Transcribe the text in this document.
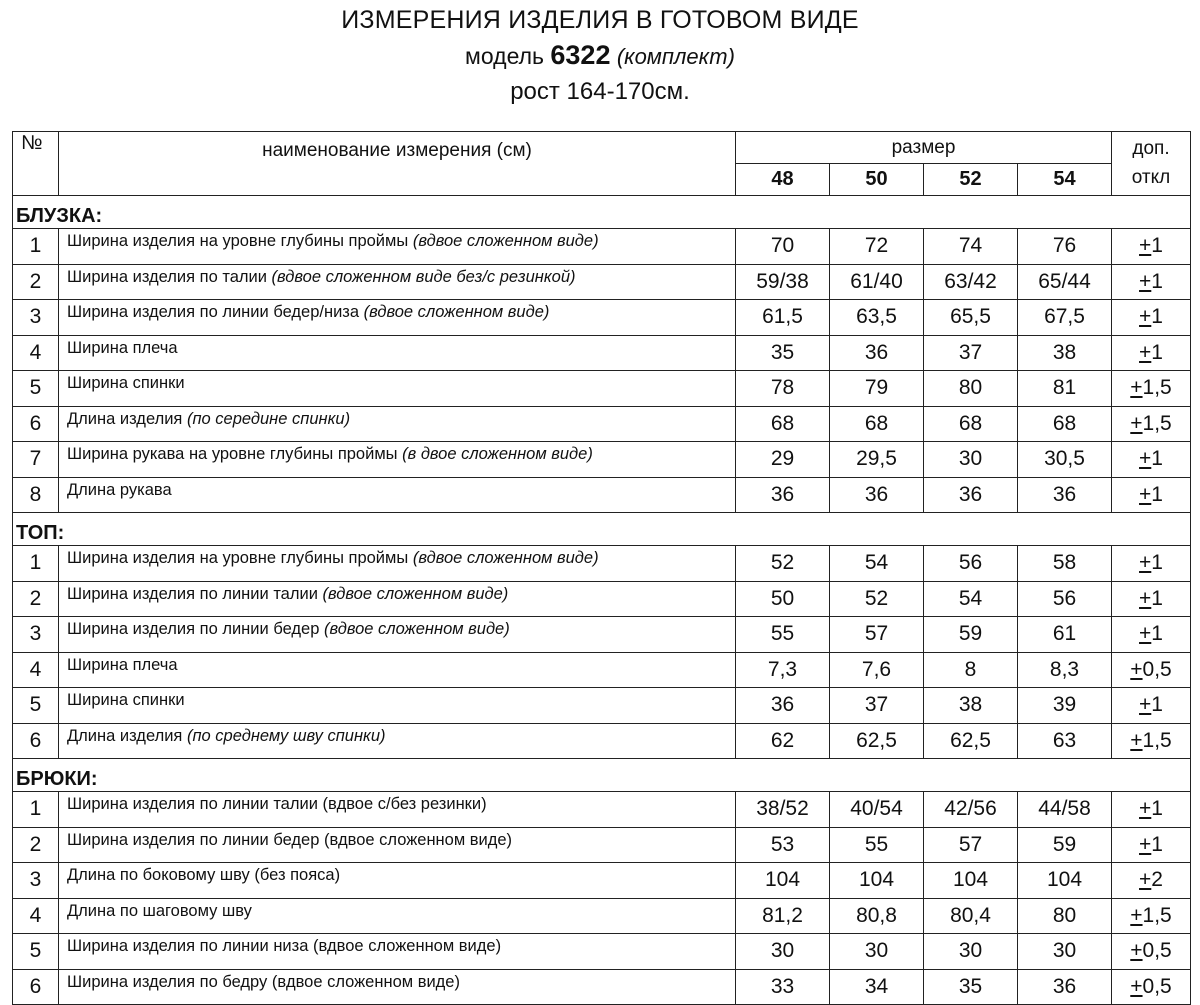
ИЗМЕРЕНИЯ ИЗДЕЛИЯ В ГОТОВОМ ВИДЕ
модель 6322 (комплект)
рост 164-170см.
№	наименование измерения (см)	размер				доп.
откл
		48	50	52	54	
БЛУЗКА:						
1	Ширина изделия на уровне глубины проймы (вдвое сложенном виде)	70	72	74	76	+1
2	Ширина изделия по талии (вдвое сложенном виде без/с резинкой)	59/38	61/40	63/42	65/44	+1
3	Ширина изделия по линии бедер/низа (вдвое сложенном виде)	61,5	63,5	65,5	67,5	+1
4	Ширина плеча	35	36	37	38	+1
5	Ширина спинки	78	79	80	81	+1,5
6	Длина изделия (по середине спинки)	68	68	68	68	+1,5
7	Ширина рукава на уровне глубины проймы (в двое сложенном виде)	29	29,5	30	30,5	+1
8	Длина рукава	36	36	36	36	+1
ТОП:						
1	Ширина изделия на уровне глубины проймы (вдвое сложенном виде)	52	54	56	58	+1
2	Ширина изделия по линии талии (вдвое сложенном виде)	50	52	54	56	+1
3	Ширина изделия по линии бедер (вдвое сложенном виде)	55	57	59	61	+1
4	Ширина плеча	7,3	7,6	8	8,3	+0,5
5	Ширина спинки	36	37	38	39	+1
6	Длина изделия (по среднему шву спинки)	62	62,5	62,5	63	+1,5
БРЮКИ:						
1	Ширина изделия по линии талии (вдвое с/без резинки)	38/52	40/54	42/56	44/58	+1
2	Ширина изделия по линии бедер (вдвое сложенном виде)	53	55	57	59	+1
3	Длина по боковому шву (без пояса)	104	104	104	104	+2
4	Длина по шаговому шву	81,2	80,8	80,4	80	+1,5
5	Ширина изделия по линии низа (вдвое сложенном виде)	30	30	30	30	+0,5
6	Ширина изделия по бедру (вдвое сложенном виде)	33	34	35	36	+0,5
